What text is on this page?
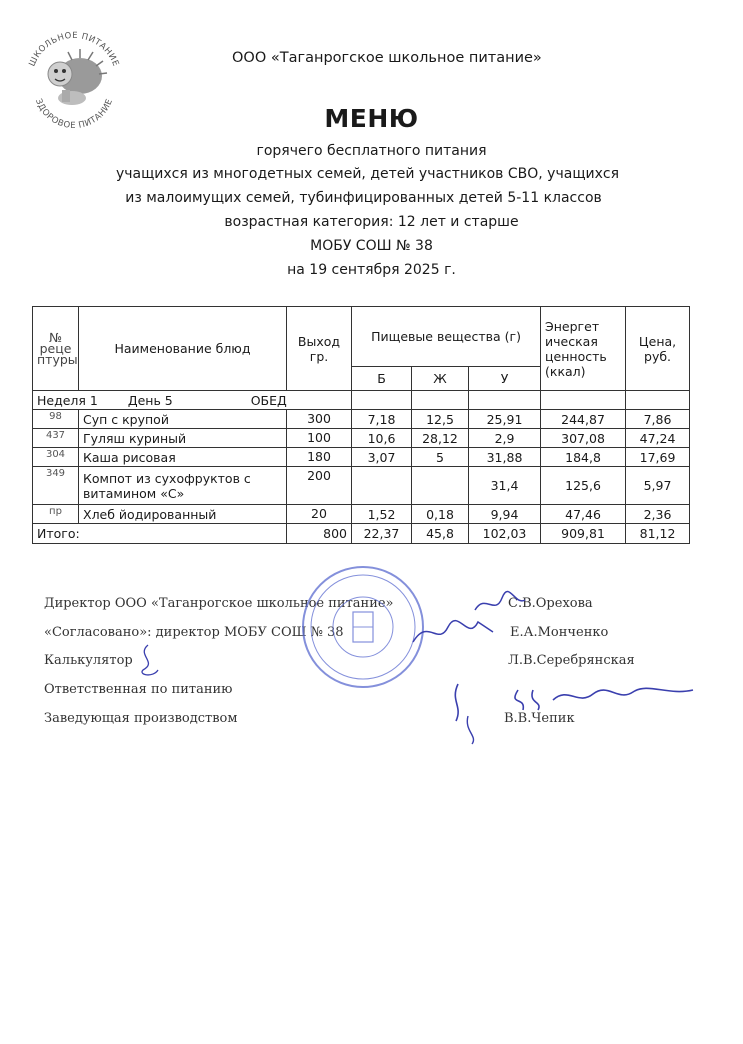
ШКОЛЬНОЕ ПИТАНИЕ
ЗДОРОВОЕ ПИТАНИЕ
ООО «Таганрогское школьное питание»
МЕНЮ
горячего бесплатного питания
учащихся из многодетных семей, детей участников СВО, учащихся
из малоимущих семей, тубинфицированных детей 5-11 классов
возрастная категория: 12 лет и старше
МОБУ СОШ № 38
на 19 сентября 2025 г.
№ реце птуры	Наименование блюд	Выход гр.	Пищевые вещества (г)			Энергет ическая ценность (ккал)	Цена, руб.
			Б	Ж	У		
Неделя 1 День 5 ОБЕД							
98	Суп с крупой	300	7,18	12,5	25,91	244,87	7,86
437	Гуляш куриный	100	10,6	28,12	2,9	307,08	47,24
304	Каша рисовая	180	3,07	5	31,88	184,8	17,69
349	Компот из сухофруктов с витамином «С»	200			31,4	125,6	5,97
пр	Хлеб йодированный	20	1,52	0,18	9,94	47,46	2,36
Итого:		800	22,37	45,8	102,03	909,81	81,12
Директор ООО «Таганрогское школьное питание»	С.В.Орехова
«Согласовано»: директор МОБУ СОШ № 38	Е.А.Монченко
Калькулятор	Л.В.Серебрянская
Ответственная по питанию
Заведующая производством	В.В.Чепик
